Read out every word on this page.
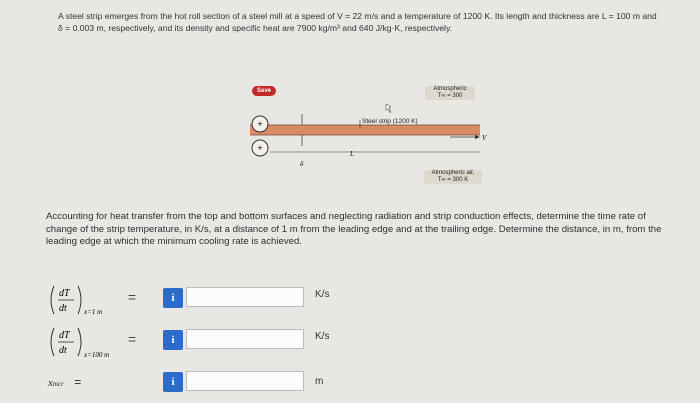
A steel strip emerges from the hot roll section of a steel mill at a speed of V = 22 m/s and a temperature of 1200 K. Its length and thickness are L = 100 m and δ = 0.003 m, respectively, and its density and specific heat are 7900 kg/m³ and 640 J/kg·K, respectively.
+
+
δ
L
V
Save
Steel strip (1200 K)
Atmospheric
T∞ = 300
Atmospheric air,
T∞ = 300 K
Accounting for heat transfer from the top and bottom surfaces and neglecting radiation and strip conduction effects, determine the time rate of change of the strip temperature, in K/s, at a distance of 1 m from the leading edge and at the trailing edge. Determine the distance, in m, from the leading edge at which the minimum cooling rate is achieved.
dT
dt x=1 m
=	i	K/s
dT
dt x=100 m
=	i	K/s
xmcr =	i	m
